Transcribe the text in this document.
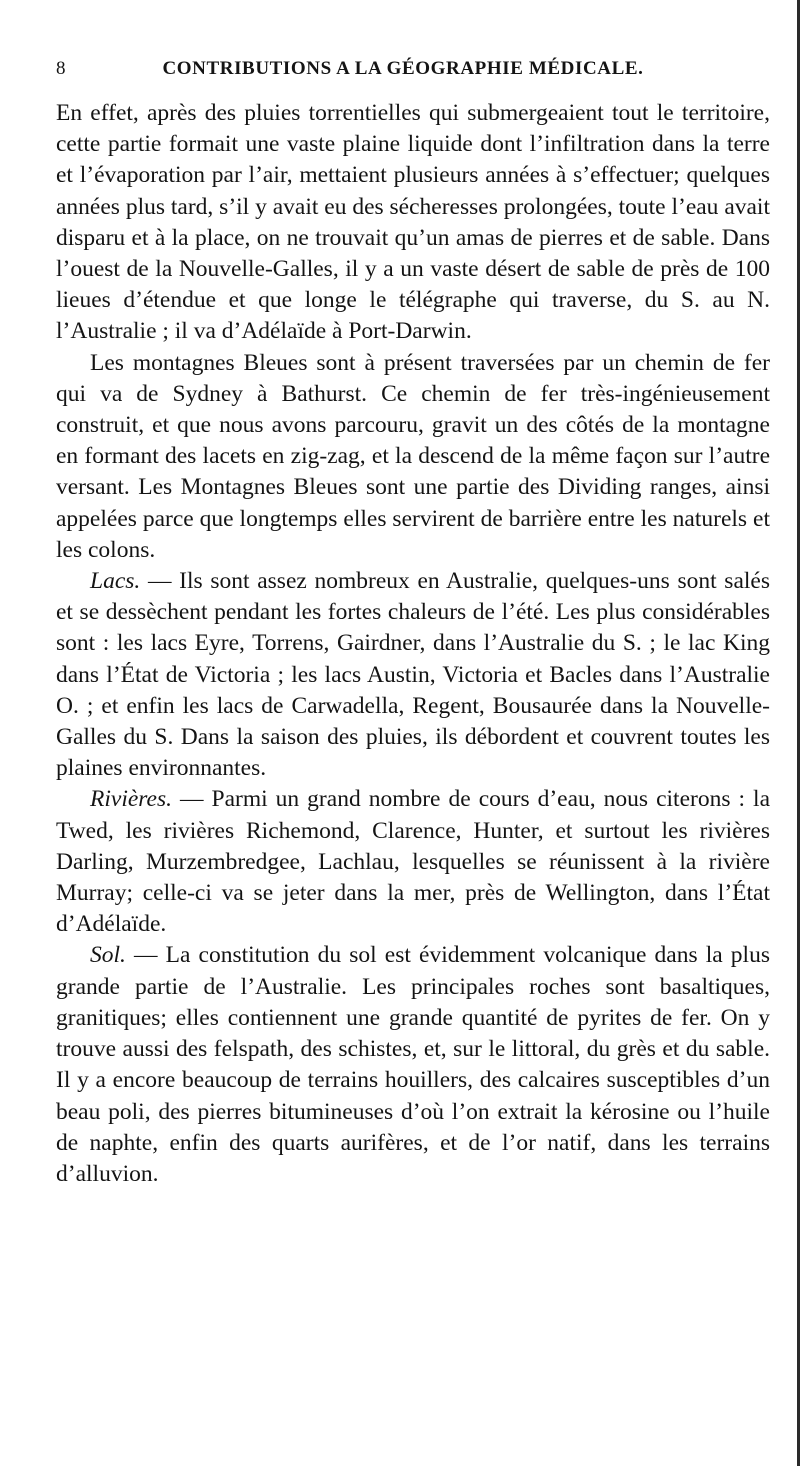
8	CONTRIBUTIONS A LA GÉOGRAPHIE MÉDICALE.

En effet, après des pluies torrentielles qui submergeaient tout le territoire, cette partie formait une vaste plaine liquide dont l’infiltration dans la terre et l’évaporation par l’air, mettaient plusieurs années à s’effectuer; quelques années plus tard, s’il y avait eu des sécheresses prolongées, toute l’eau avait disparu et à la place, on ne trouvait qu’un amas de pierres et de sable. Dans l’ouest de la Nouvelle-Galles, il y a un vaste désert de sable de près de 100 lieues d’étendue et que longe le télégraphe qui traverse, du S. au N. l’Australie ; il va d’Adélaïde à Port-Darwin.

Les montagnes Bleues sont à présent traversées par un chemin de fer qui va de Sydney à Bathurst. Ce chemin de fer très-ingénieusement construit, et que nous avons parcouru, gravit un des côtés de la montagne en formant des lacets en zig-zag, et la descend de la même façon sur l’autre versant. Les Montagnes Bleues sont une partie des Dividing ranges, ainsi appelées parce que longtemps elles servirent de barrière entre les naturels et les colons.

Lacs. — Ils sont assez nombreux en Australie, quelques-uns sont salés et se dessèchent pendant les fortes chaleurs de l’été. Les plus considérables sont : les lacs Eyre, Torrens, Gairdner, dans l’Australie du S. ; le lac King dans l’État de Victoria ; les lacs Austin, Victoria et Bacles dans l’Australie O. ; et enfin les lacs de Carwadella, Regent, Bousaurée dans la Nouvelle-Galles du S. Dans la saison des pluies, ils débordent et couvrent toutes les plaines environnantes.

Rivières. — Parmi un grand nombre de cours d’eau, nous citerons : la Twed, les rivières Richemond, Clarence, Hunter, et surtout les rivières Darling, Murzembredgee, Lachlau, lesquelles se réunissent à la rivière Murray; celle-ci va se jeter dans la mer, près de Wellington, dans l’État d’Adélaïde.

Sol. — La constitution du sol est évidemment volcanique dans la plus grande partie de l’Australie. Les principales roches sont basaltiques, granitiques; elles contiennent une grande quantité de pyrites de fer. On y trouve aussi des felspath, des schistes, et, sur le littoral, du grès et du sable. Il y a encore beaucoup de terrains houillers, des calcaires susceptibles d’un beau poli, des pierres bitumineuses d’où l’on extrait la kérosine ou l’huile de naphte, enfin des quarts aurifères, et de l’or natif, dans les terrains d’alluvion.
